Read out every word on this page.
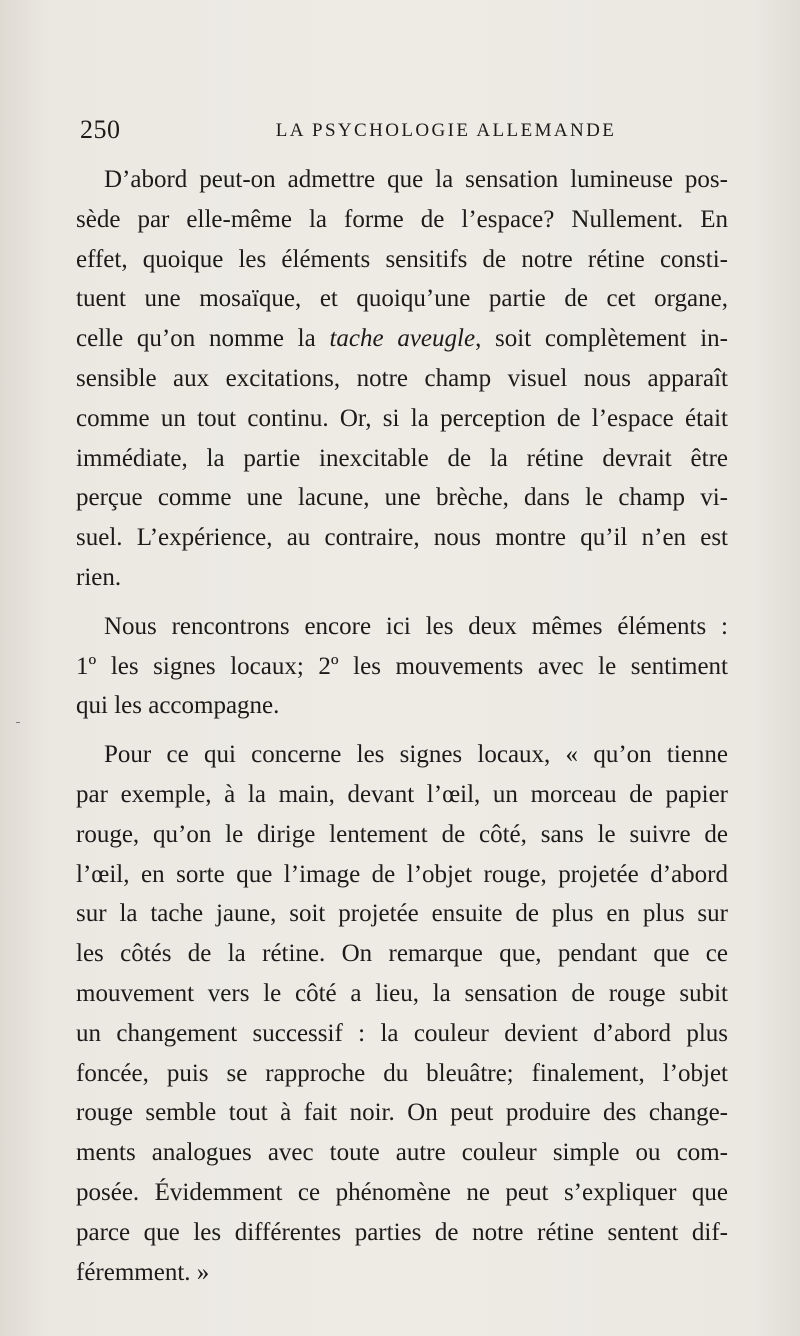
250	LA PSYCHOLOGIE ALLEMANDE

D’abord peut-on admettre que la sensation lumineuse pos-
sède par elle-même la forme de l’espace? Nullement. En
effet, quoique les éléments sensitifs de notre rétine consti-
tuent une mosaïque, et quoiqu’une partie de cet organe,
celle qu’on nomme la tache aveugle, soit complètement in-
sensible aux excitations, notre champ visuel nous apparaît
comme un tout continu. Or, si la perception de l’espace était
immédiate, la partie inexcitable de la rétine devrait être
perçue comme une lacune, une brèche, dans le champ vi-
suel. L’expérience, au contraire, nous montre qu’il n’en est
rien.

Nous rencontrons encore ici les deux mêmes éléments :
1º les signes locaux; 2º les mouvements avec le sentiment
qui les accompagne.

Pour ce qui concerne les signes locaux, « qu’on tienne
par exemple, à la main, devant l’œil, un morceau de papier
rouge, qu’on le dirige lentement de côté, sans le suivre de
l’œil, en sorte que l’image de l’objet rouge, projetée d’abord
sur la tache jaune, soit projetée ensuite de plus en plus sur
les côtés de la rétine. On remarque que, pendant que ce
mouvement vers le côté a lieu, la sensation de rouge subit
un changement successif : la couleur devient d’abord plus
foncée, puis se rapproche du bleuâtre; finalement, l’objet
rouge semble tout à fait noir. On peut produire des change-
ments analogues avec toute autre couleur simple ou com-
posée. Évidemment ce phénomène ne peut s’expliquer que
parce que les différentes parties de notre rétine sentent dif-
féremment. »
